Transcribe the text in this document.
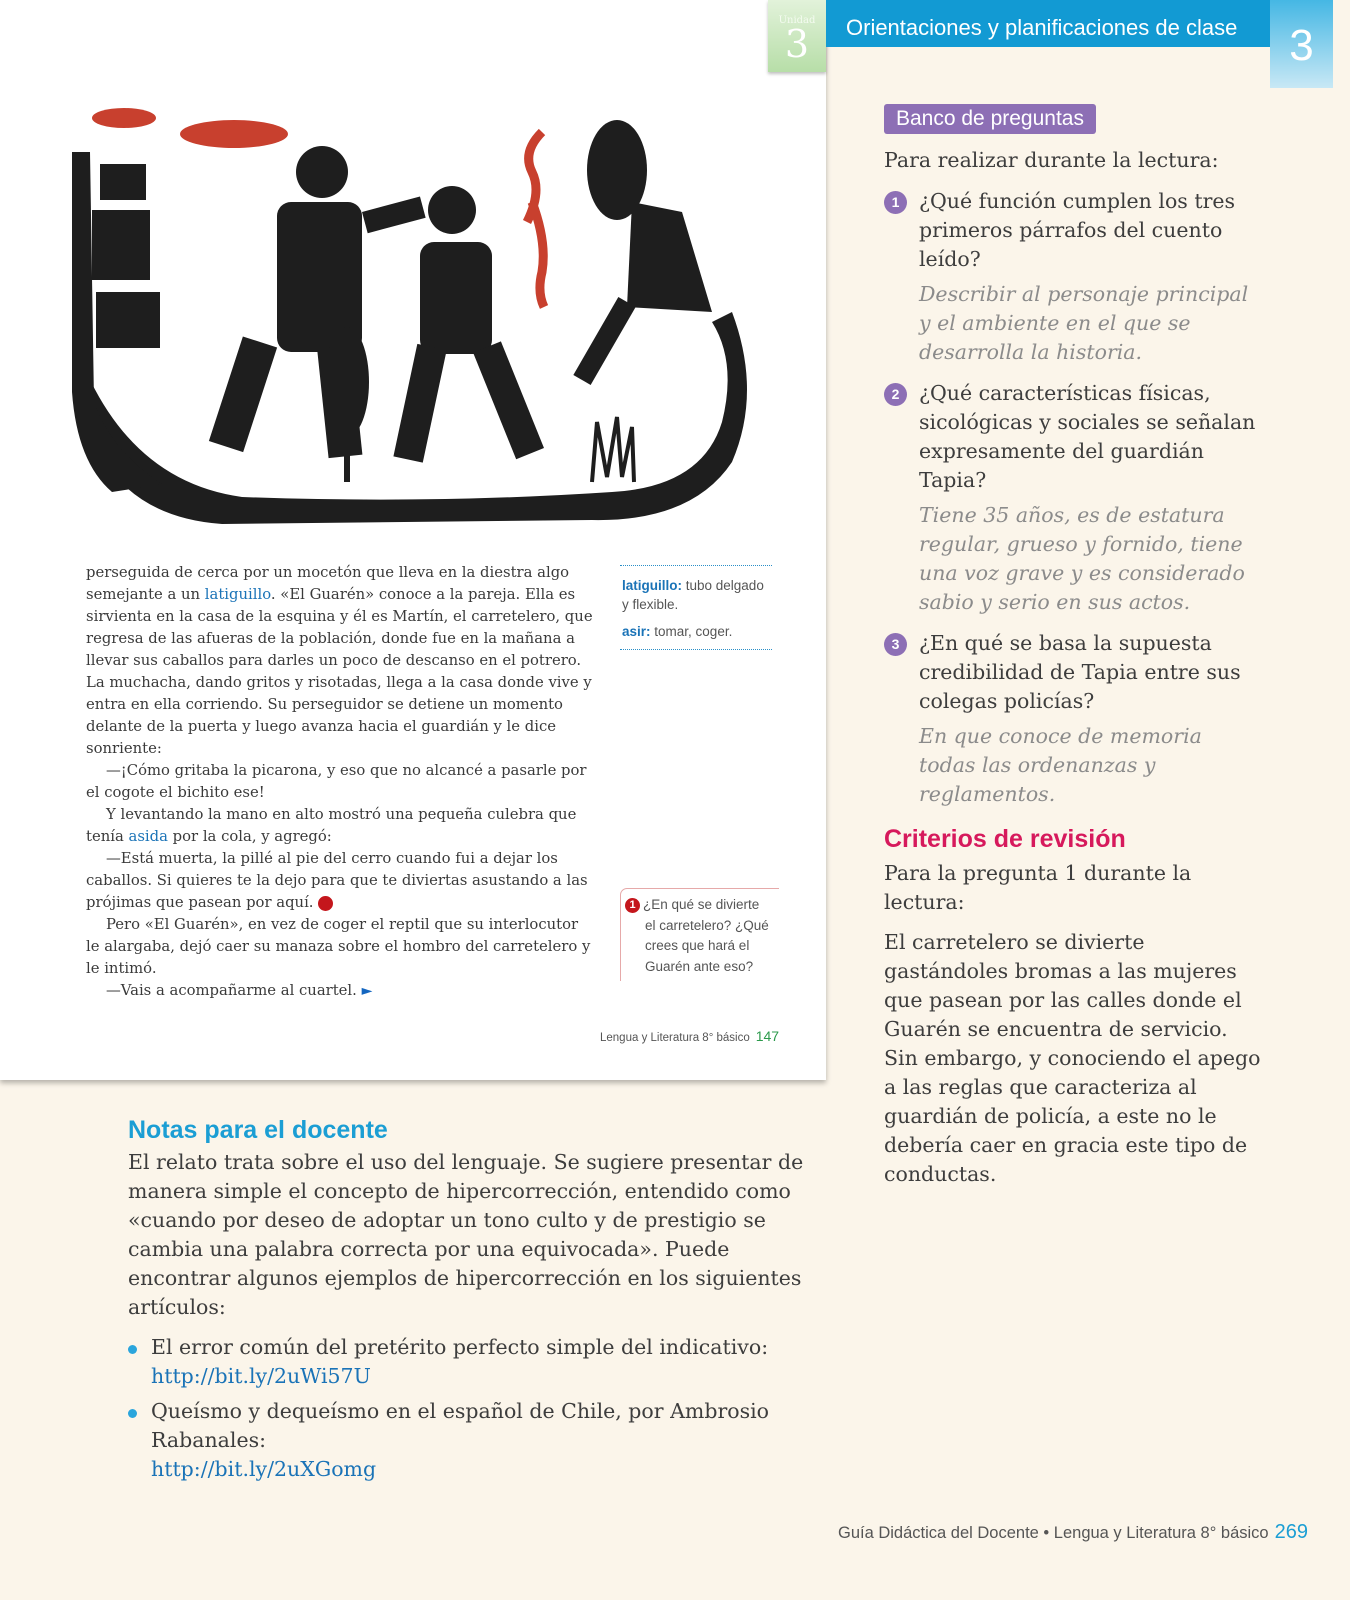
Unidad
3	Orientaciones y planificaciones de clase	3

perseguida de cerca por un mocetón que lleva en la diestra algo semejante a un latiguillo. «El Guarén» conoce a la pareja. Ella es sirvienta en la casa de la esquina y él es Martín, el carretelero, que regresa de las afueras de la población, donde fue en la mañana a llevar sus caballos para darles un poco de descanso en el potrero. La muchacha, dando gritos y risotadas, llega a la casa donde vive y entra en ella corriendo. Su perseguidor se detiene un momento delante de la puerta y luego avanza hacia el guardián y le dice sonriente:

—¡Cómo gritaba la picarona, y eso que no alcancé a pasarle por el cogote el bichito ese!

Y levantando la mano en alto mostró una pequeña culebra que tenía asida por la cola, y agregó:

—Está muerta, la pillé al pie del cerro cuando fui a dejar los caballos. Si quieres te la dejo para que te diviertas asustando a las prójimas que pasean por aquí. 1

Pero «El Guarén», en vez de coger el reptil que su interlocutor le alargaba, dejó caer su manaza sobre el hombro del carretelero y le intimó.

—Vais a acompañarme al cuartel. ►

latiguillo: tubo delgado y flexible.
asir: tomar, coger.
1 ¿En qué se divierte
el carretelero? ¿Qué crees que hará el Guarén ante eso?
Lengua y Literatura 8° básico 147
Banco de preguntas
Para realizar durante la lectura:
1 ¿Qué función cumplen los tres primeros párrafos del cuento leído?
Describir al personaje principal y el ambiente en el que se desarrolla la historia.
2 ¿Qué características físicas, sicológicas y sociales se señalan expresamente del guardián Tapia?
Tiene 35 años, es de estatura regular, grueso y fornido, tiene una voz grave y es considerado sabio y serio en sus actos.
3 ¿En qué se basa la supuesta credibilidad de Tapia entre sus colegas policías?
En que conoce de memoria todas las ordenanzas y reglamentos.
Criterios de revisión
Para la pregunta 1 durante la lectura:
El carretelero se divierte gastándoles bromas a las mujeres que pasean por las calles donde el Guarén se encuentra de servicio. Sin embargo, y conociendo el apego a las reglas que caracteriza al guardián de policía, a este no le debería caer en gracia este tipo de conductas.
Notas para el docente
El relato trata sobre el uso del lenguaje. Se sugiere presentar de manera simple el concepto de hipercorrección, entendido como «cuando por deseo de adoptar un tono culto y de prestigio se cambia una palabra correcta por una equivocada». Puede encontrar algunos ejemplos de hipercorrección en los siguientes artículos:
El error común del pretérito perfecto simple del indicativo:
http://bit.ly/2uWi57U
Queísmo y dequeísmo en el español de Chile, por Ambrosio Rabanales:
http://bit.ly/2uXGomg
Guía Didáctica del Docente • Lengua y Literatura 8° básico 269
